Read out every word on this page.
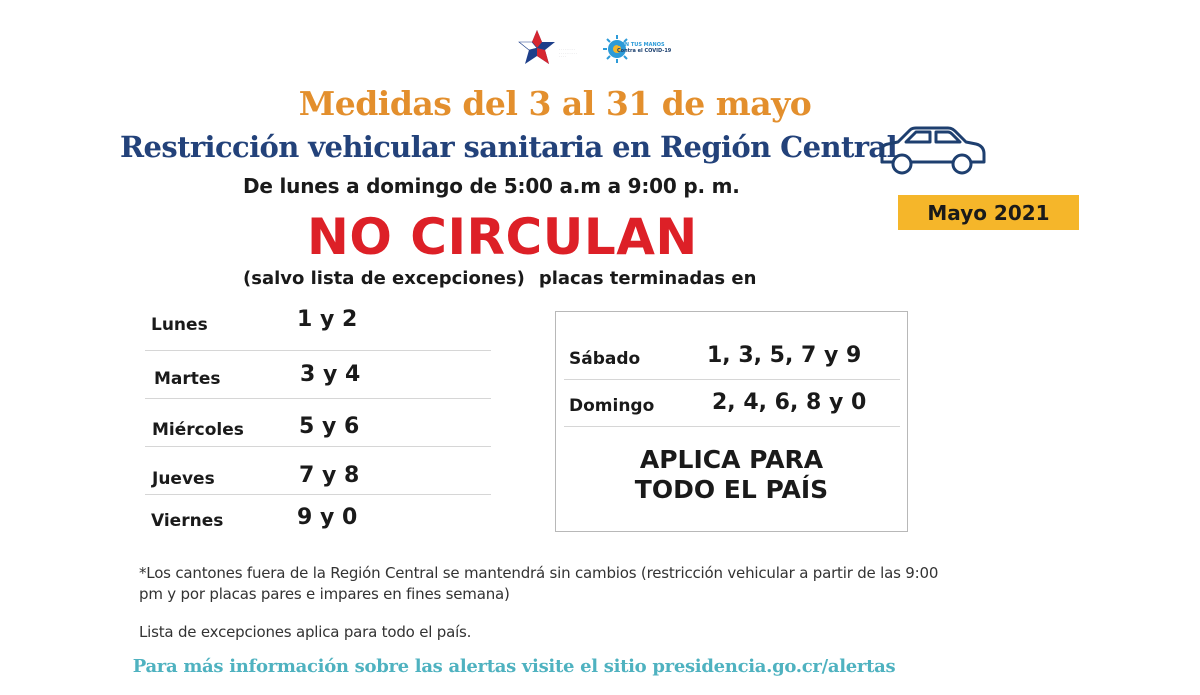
· · · · · · · · ·
· · · · · · · · · ·
· · · ·
CON TUS MANOS
Contra el COVID-19
Medidas del 3 al 31 de mayo
Restricción vehicular sanitaria en Región Central
De lunes a domingo de 5:00 a.m a 9:00 p. m.
Mayo 2021
NO CIRCULAN
(salvo lista de excepciones) placas terminadas en
Lunes	1 y 2
Martes	3 y 4
Miércoles	5 y 6
Jueves	7 y 8
Viernes	9 y 0
Sábado	1, 3, 5, 7 y 9
Domingo	2, 4, 6, 8 y 0
APLICA PARA
TODO EL PAÍS
*Los cantones fuera de la Región Central se mantendrá sin cambios (restricción vehicular a partir de las 9:00 pm y por placas pares e impares en fines semana)
Lista de excepciones aplica para todo el país.
Para más información sobre las alertas visite el sitio presidencia.go.cr/alertas
